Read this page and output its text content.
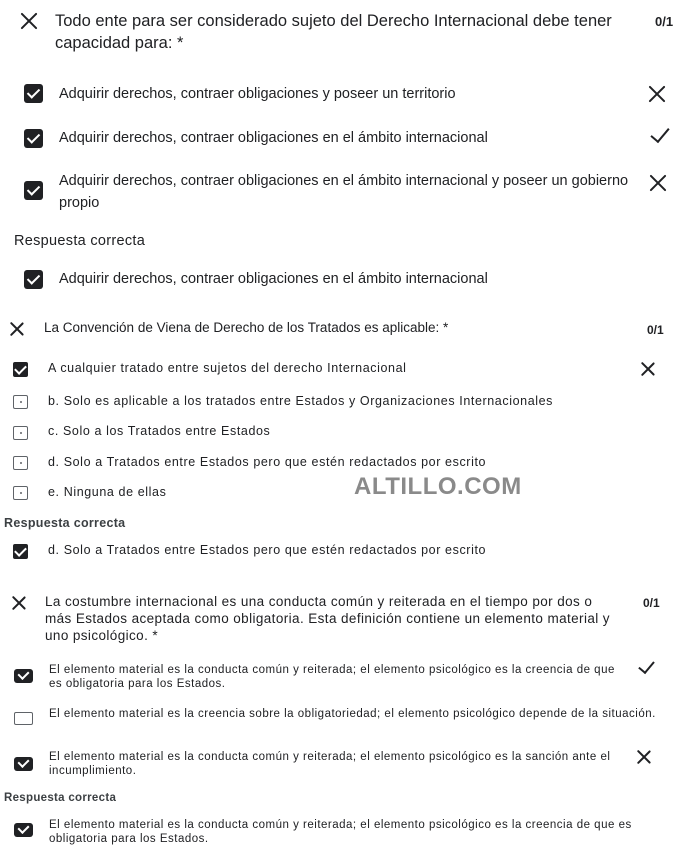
Todo ente para ser considerado sujeto del Derecho Internacional debe tener capacidad para: *
0/1
Adquirir derechos, contraer obligaciones y poseer un territorio
Adquirir derechos, contraer obligaciones en el ámbito internacional
Adquirir derechos, contraer obligaciones en el ámbito internacional y poseer un gobierno propio
Respuesta correcta
Adquirir derechos, contraer obligaciones en el ámbito internacional
La Convención de Viena de Derecho de los Tratados es aplicable: *	0/1
A cualquier tratado entre sujetos del derecho Internacional
b. Solo es aplicable a los tratados entre Estados y Organizaciones Internacionales
c. Solo a los Tratados entre Estados
d. Solo a Tratados entre Estados pero que estén redactados por escrito
e. Ninguna de ellas	ALTILLO.COM
Respuesta correcta
d. Solo a Tratados entre Estados pero que estén redactados por escrito
La costumbre internacional es una conducta común y reiterada en el tiempo por dos o más Estados aceptada como obligatoria. Esta definición contiene un elemento material y uno psicológico. *
0/1
El elemento material es la conducta común y reiterada; el elemento psicológico es la creencia de que es obligatoria para los Estados.
El elemento material es la creencia sobre la obligatoriedad; el elemento psicológico depende de la situación.
El elemento material es la conducta común y reiterada; el elemento psicológico es la sanción ante el incumplimiento.
Respuesta correcta
El elemento material es la conducta común y reiterada; el elemento psicológico es la creencia de que es obligatoria para los Estados.
